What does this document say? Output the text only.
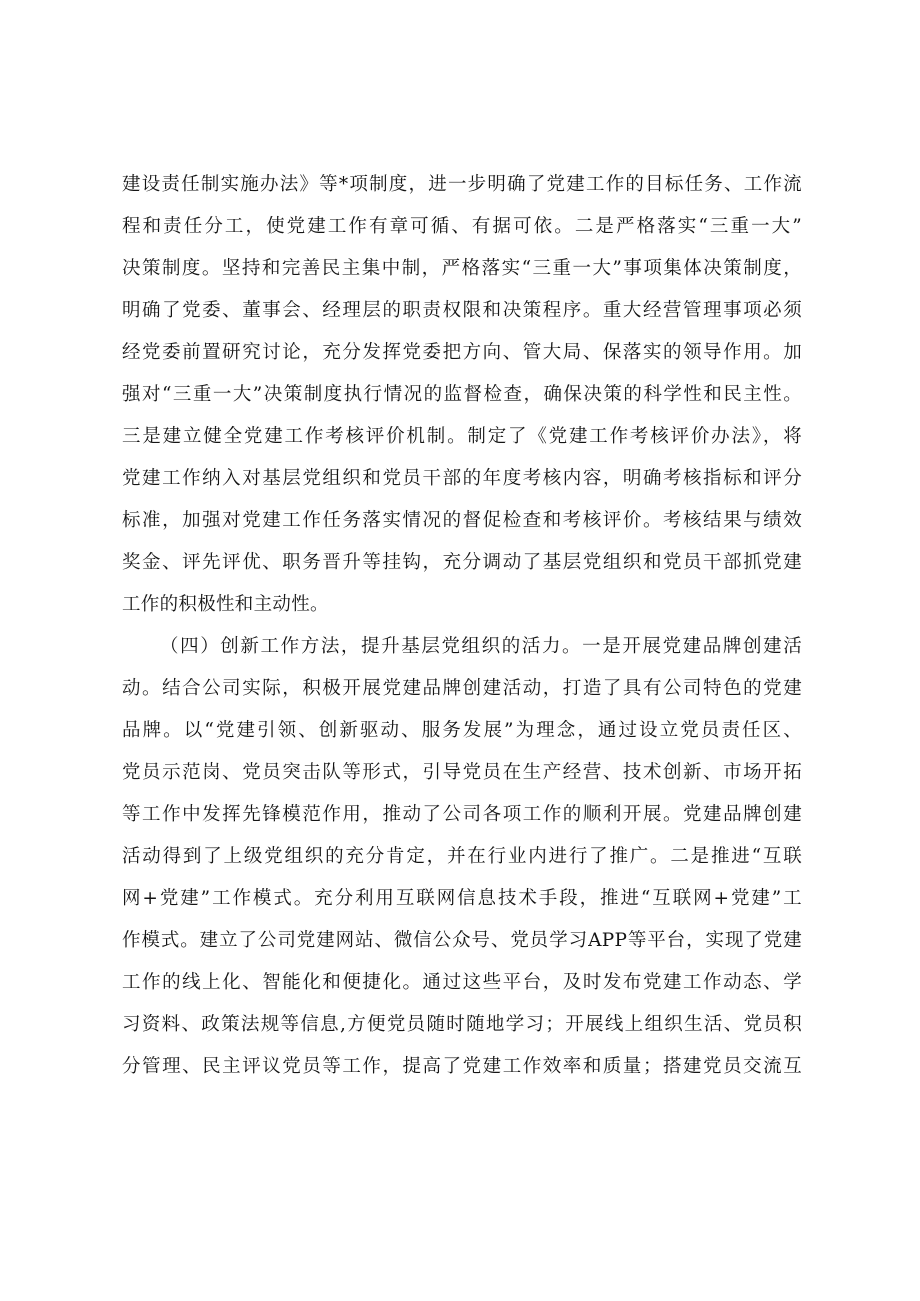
建设责任制实施办法》等*项制度，进一步明确了党建工作的目标任务、工作流
程和责任分工，使党建工作有章可循、有据可依。二是严格落实“三重一大”
决策制度。坚持和完善民主集中制，严格落实“三重一大”事项集体决策制度，
明确了党委、董事会、经理层的职责权限和决策程序。重大经营管理事项必须
经党委前置研究讨论，充分发挥党委把方向、管大局、保落实的领导作用。加
强对“三重一大”决策制度执行情况的监督检查，确保决策的科学性和民主性。
三是建立健全党建工作考核评价机制。制定了《党建工作考核评价办法》，将
党建工作纳入对基层党组织和党员干部的年度考核内容，明确考核指标和评分
标准，加强对党建工作任务落实情况的督促检查和考核评价。考核结果与绩效
奖金、评先评优、职务晋升等挂钩，充分调动了基层党组织和党员干部抓党建
工作的积极性和主动性。
（四）创新工作方法，提升基层党组织的活力。一是开展党建品牌创建活
动。结合公司实际，积极开展党建品牌创建活动，打造了具有公司特色的党建
品牌。以“党建引领、创新驱动、服务发展”为理念，通过设立党员责任区、
党员示范岗、党员突击队等形式，引导党员在生产经营、技术创新、市场开拓
等工作中发挥先锋模范作用，推动了公司各项工作的顺利开展。党建品牌创建
活动得到了上级党组织的充分肯定，并在行业内进行了推广。二是推进“互联
网+党建”工作模式。充分利用互联网信息技术手段，推进“互联网+党建”工
作模式。建立了公司党建网站、微信公众号、党员学习APP等平台，实现了党建
工作的线上化、智能化和便捷化。通过这些平台，及时发布党建工作动态、学
习资料、政策法规等信息,方便党员随时随地学习；开展线上组织生活、党员积
分管理、民主评议党员等工作，提高了党建工作效率和质量；搭建党员交流互
